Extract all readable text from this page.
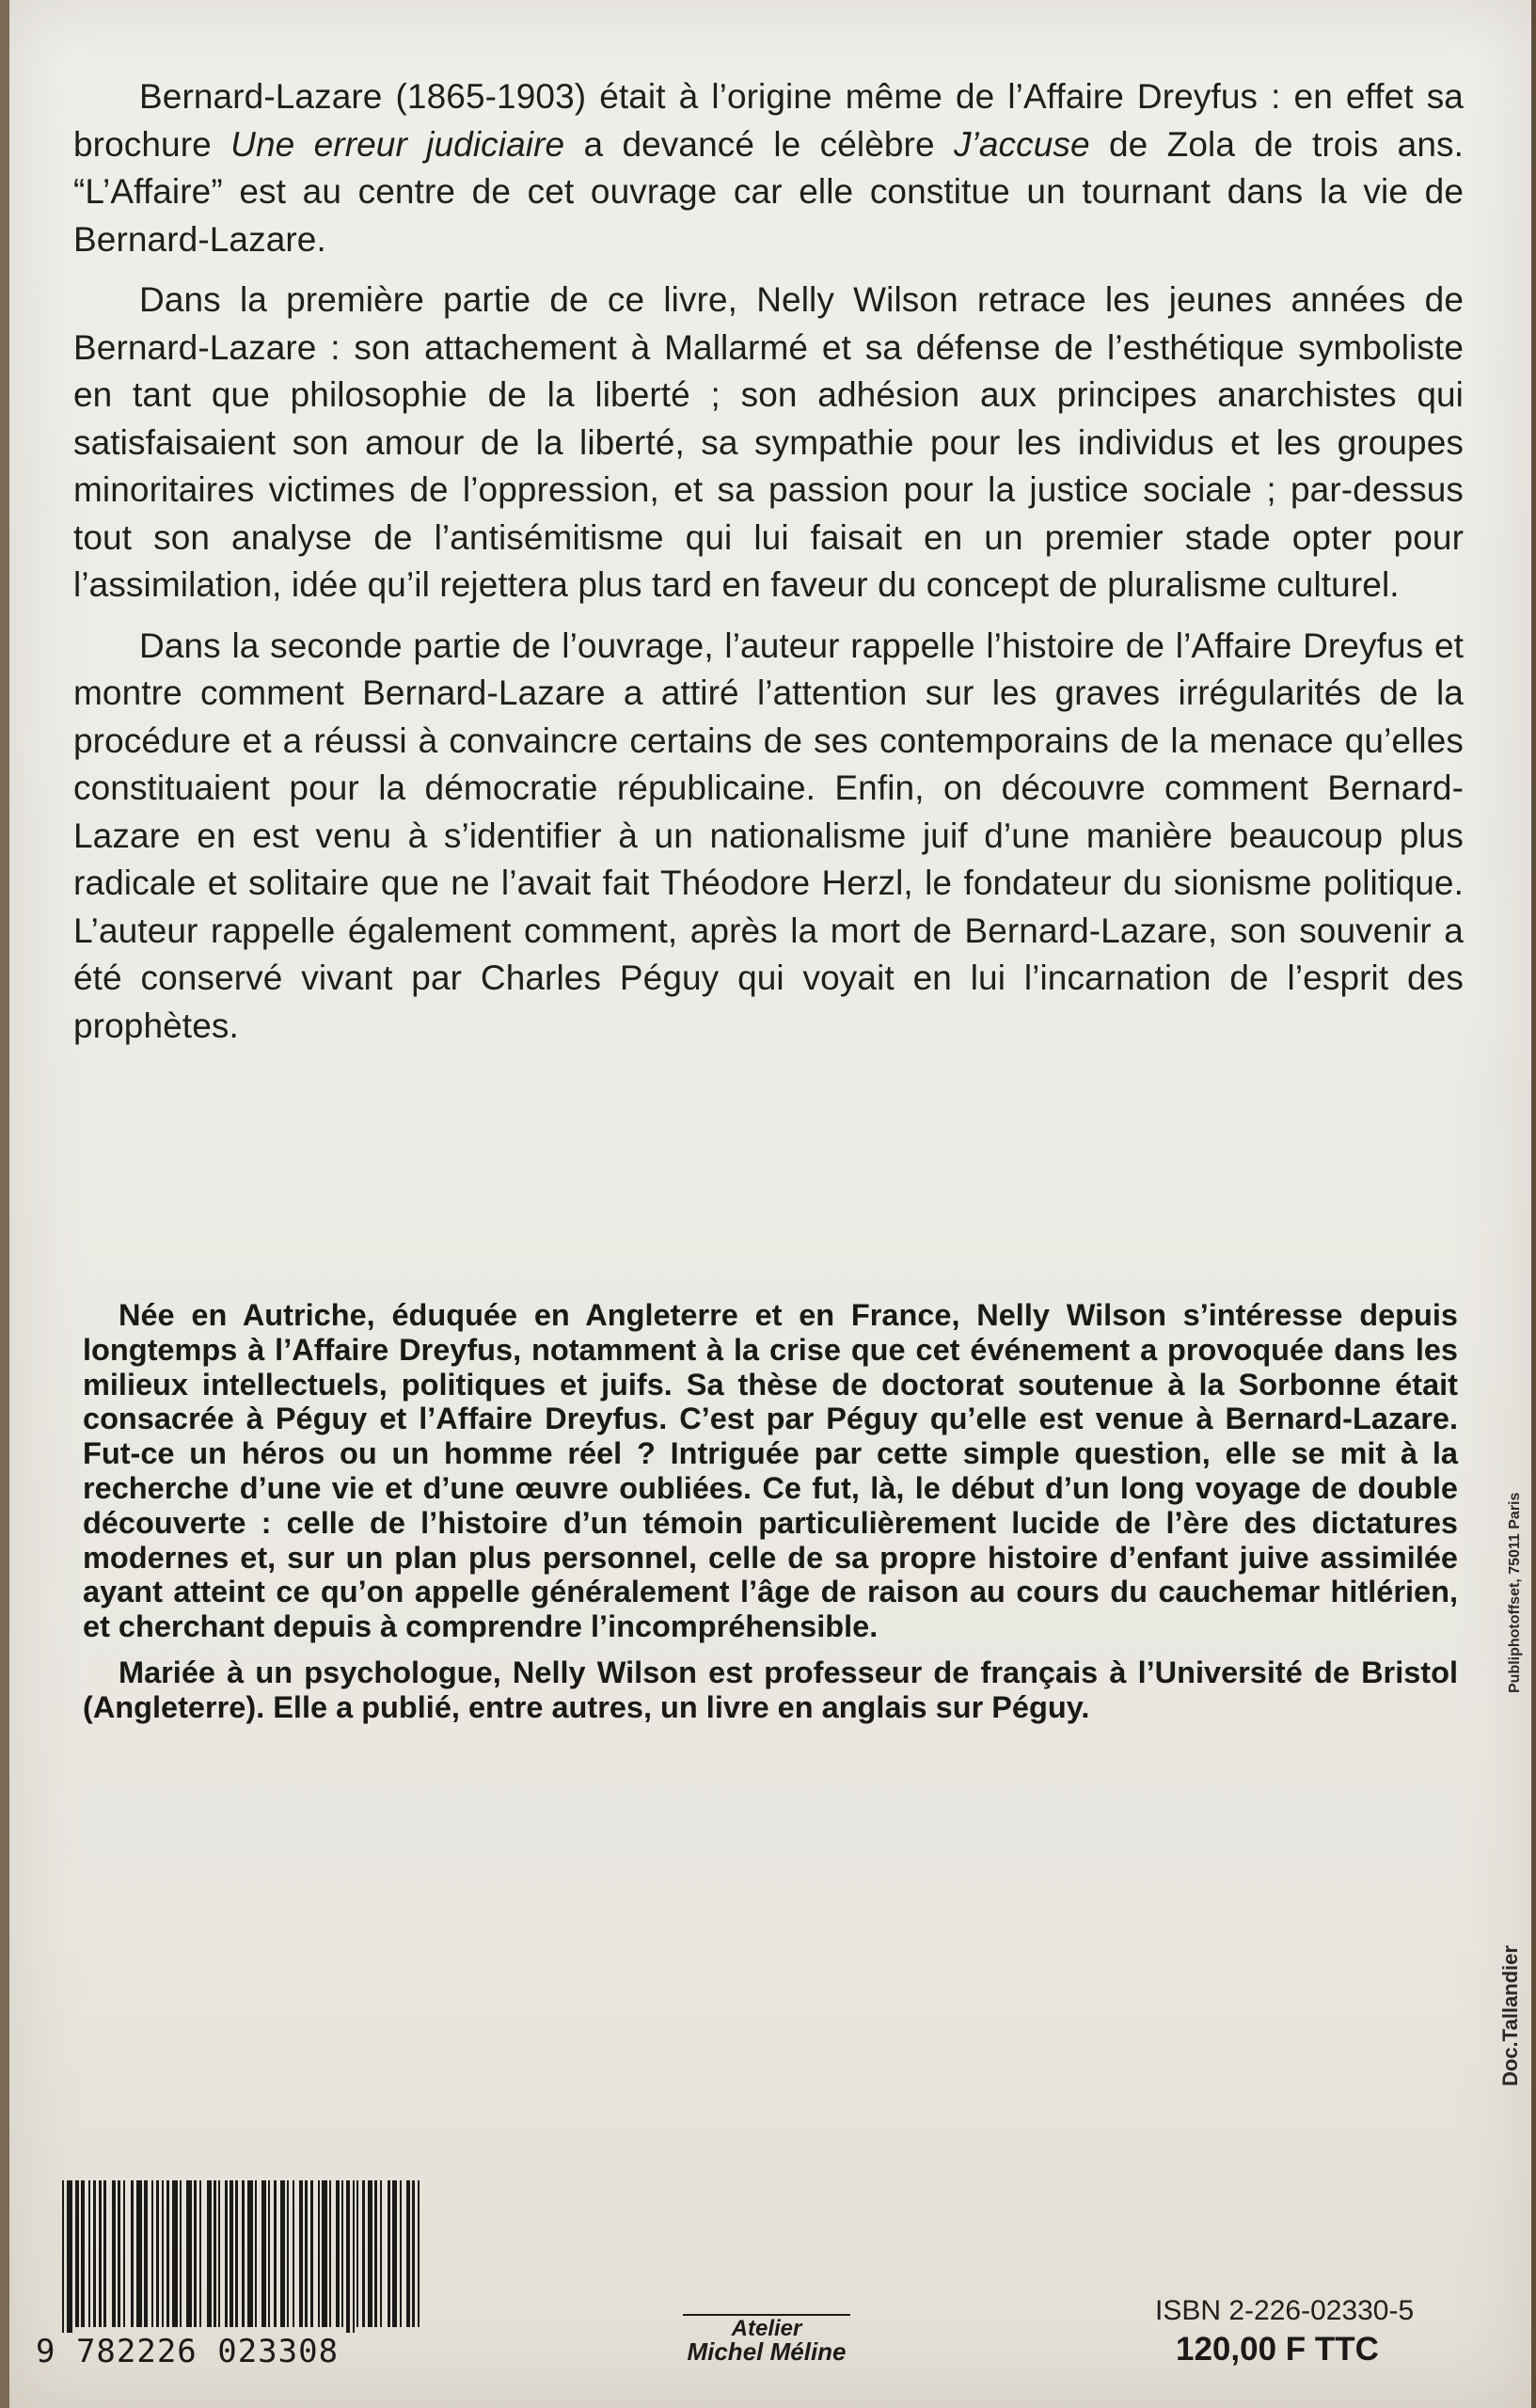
Bernard-Lazare (1865-1903) était à l’origine même de l’Affaire Dreyfus : en effet sa brochure Une erreur judiciaire a devancé le célèbre J’accuse de Zola de trois ans. “L’Affaire” est au centre de cet ouvrage car elle constitue un tournant dans la vie de Bernard-Lazare.

Dans la première partie de ce livre, Nelly Wilson retrace les jeunes années de Bernard-Lazare : son attachement à Mallarmé et sa défense de l’esthétique symboliste en tant que philosophie de la liberté ; son adhésion aux principes anarchistes qui satisfaisaient son amour de la liberté, sa sympathie pour les individus et les groupes minoritaires victimes de l’oppression, et sa passion pour la justice sociale ; par-dessus tout son analyse de l’antisémitisme qui lui faisait en un premier stade opter pour l’assimilation, idée qu’il rejettera plus tard en faveur du concept de pluralisme culturel.

Dans la seconde partie de l’ouvrage, l’auteur rappelle l’histoire de l’Affaire Dreyfus et montre comment Bernard-Lazare a attiré l’attention sur les graves irrégularités de la procédure et a réussi à convaincre certains de ses contemporains de la menace qu’elles constituaient pour la démocratie républicaine. Enfin, on découvre comment Bernard-Lazare en est venu à s’identifier à un nationalisme juif d’une manière beaucoup plus radicale et solitaire que ne l’avait fait Théodore Herzl, le fondateur du sionisme politique. L’auteur rappelle également comment, après la mort de Bernard-Lazare, son souvenir a été conservé vivant par Charles Péguy qui voyait en lui l’incarnation de l’esprit des prophètes.

Née en Autriche, éduquée en Angleterre et en France, Nelly Wilson s’intéresse depuis longtemps à l’Affaire Dreyfus, notamment à la crise que cet événement a provoquée dans les milieux intellectuels, politiques et juifs. Sa thèse de doctorat soutenue à la Sorbonne était consacrée à Péguy et l’Affaire Dreyfus. C’est par Péguy qu’elle est venue à Bernard-Lazare. Fut-ce un héros ou un homme réel ? Intriguée par cette simple question, elle se mit à la recherche d’une vie et d’une œuvre oubliées. Ce fut, là, le début d’un long voyage de double découverte : celle de l’histoire d’un témoin particulièrement lucide de l’ère des dictatures modernes et, sur un plan plus personnel, celle de sa propre histoire d’enfant juive assimilée ayant atteint ce qu’on appelle généralement l’âge de raison au cours du cauchemar hitlérien, et cherchant depuis à comprendre l’incompréhensible.

Mariée à un psychologue, Nelly Wilson est professeur de français à l’Université de Bristol (Angleterre). Elle a publié, entre autres, un livre en anglais sur Péguy.

Publiphotoffset, 75011 Paris
Doc.Tallandier
9 782226 023308
Atelier
Michel Méline
ISBN 2-226-02330-5
120,00 F TTC
